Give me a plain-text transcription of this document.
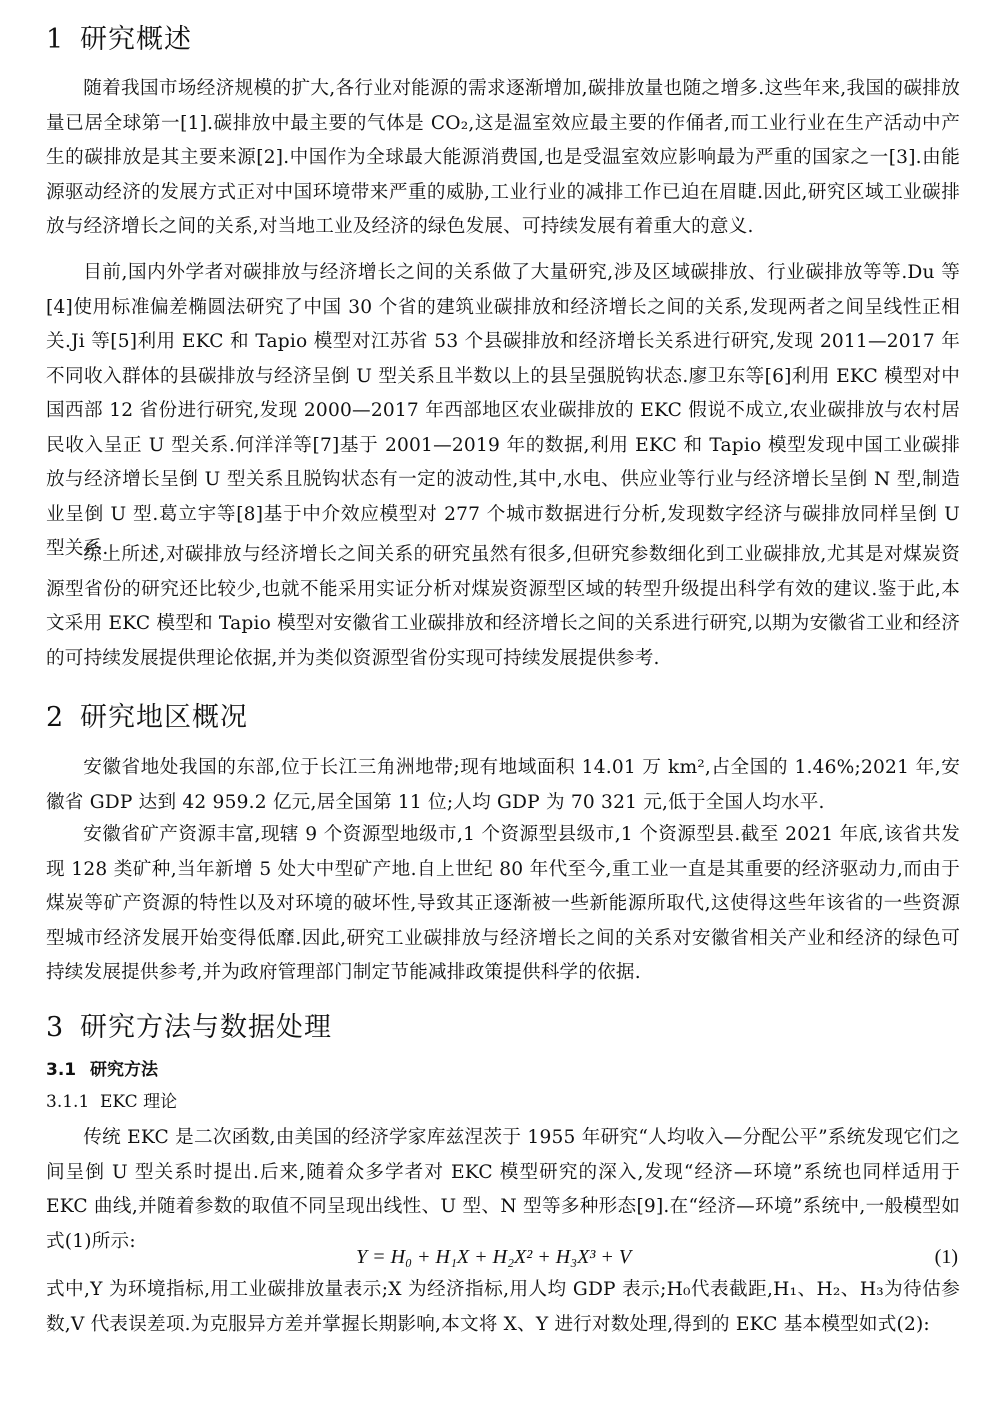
1 研究概述

随着我国市场经济规模的扩大,各行业对能源的需求逐渐增加,碳排放量也随之增多.这些年来,我国的碳排放量已居全球第一[1].碳排放中最主要的气体是 CO₂,这是温室效应最主要的作俑者,而工业行业在生产活动中产生的碳排放是其主要来源[2].中国作为全球最大能源消费国,也是受温室效应影响最为严重的国家之一[3].由能源驱动经济的发展方式正对中国环境带来严重的威胁,工业行业的减排工作已迫在眉睫.因此,研究区域工业碳排放与经济增长之间的关系,对当地工业及经济的绿色发展、可持续发展有着重大的意义.

目前,国内外学者对碳排放与经济增长之间的关系做了大量研究,涉及区域碳排放、行业碳排放等等.Du 等[4]使用标准偏差椭圆法研究了中国 30 个省的建筑业碳排放和经济增长之间的关系,发现两者之间呈线性正相关.Ji 等[5]利用 EKC 和 Tapio 模型对江苏省 53 个县碳排放和经济增长关系进行研究,发现 2011—2017 年不同收入群体的县碳排放与经济呈倒 U 型关系且半数以上的县呈强脱钩状态.廖卫东等[6]利用 EKC 模型对中国西部 12 省份进行研究,发现 2000—2017 年西部地区农业碳排放的 EKC 假说不成立,农业碳排放与农村居民收入呈正 U 型关系.何洋洋等[7]基于 2001—2019 年的数据,利用 EKC 和 Tapio 模型发现中国工业碳排放与经济增长呈倒 U 型关系且脱钩状态有一定的波动性,其中,水电、供应业等行业与经济增长呈倒 N 型,制造业呈倒 U 型.葛立宇等[8]基于中介效应模型对 277 个城市数据进行分析,发现数字经济与碳排放同样呈倒 U 型关系.

综上所述,对碳排放与经济增长之间关系的研究虽然有很多,但研究参数细化到工业碳排放,尤其是对煤炭资源型省份的研究还比较少,也就不能采用实证分析对煤炭资源型区域的转型升级提出科学有效的建议.鉴于此,本文采用 EKC 模型和 Tapio 模型对安徽省工业碳排放和经济增长之间的关系进行研究,以期为安徽省工业和经济的可持续发展提供理论依据,并为类似资源型省份实现可持续发展提供参考.

2 研究地区概况

安徽省地处我国的东部,位于长江三角洲地带;现有地域面积 14.01 万 km²,占全国的 1.46%;2021 年,安徽省 GDP 达到 42 959.2 亿元,居全国第 11 位;人均 GDP 为 70 321 元,低于全国人均水平.

安徽省矿产资源丰富,现辖 9 个资源型地级市,1 个资源型县级市,1 个资源型县.截至 2021 年底,该省共发现 128 类矿种,当年新增 5 处大中型矿产地.自上世纪 80 年代至今,重工业一直是其重要的经济驱动力,而由于煤炭等矿产资源的特性以及对环境的破坏性,导致其正逐渐被一些新能源所取代,这使得这些年该省的一些资源型城市经济发展开始变得低靡.因此,研究工业碳排放与经济增长之间的关系对安徽省相关产业和经济的绿色可持续发展提供参考,并为政府管理部门制定节能减排政策提供科学的依据.

3 研究方法与数据处理
3.1 研究方法
3.1.1 EKC 理论

传统 EKC 是二次函数,由美国的经济学家库兹涅茨于 1955 年研究“人均收入—分配公平”系统发现它们之间呈倒 U 型关系时提出.后来,随着众多学者对 EKC 模型研究的深入,发现“经济—环境”系统也同样适用于 EKC 曲线,并随着参数的取值不同呈现出线性、U 型、N 型等多种形态[9].在“经济—环境”系统中,一般模型如式(1)所示:

Y = H₀ + H₁X + H₂X² + H₃X³ + V	(1)

式中,Y 为环境指标,用工业碳排放量表示;X 为经济指标,用人均 GDP 表示;H₀代表截距,H₁、H₂、H₃为待估参数,V 代表误差项.为克服异方差并掌握长期影响,本文将 X、Y 进行对数处理,得到的 EKC 基本模型如式(2):
